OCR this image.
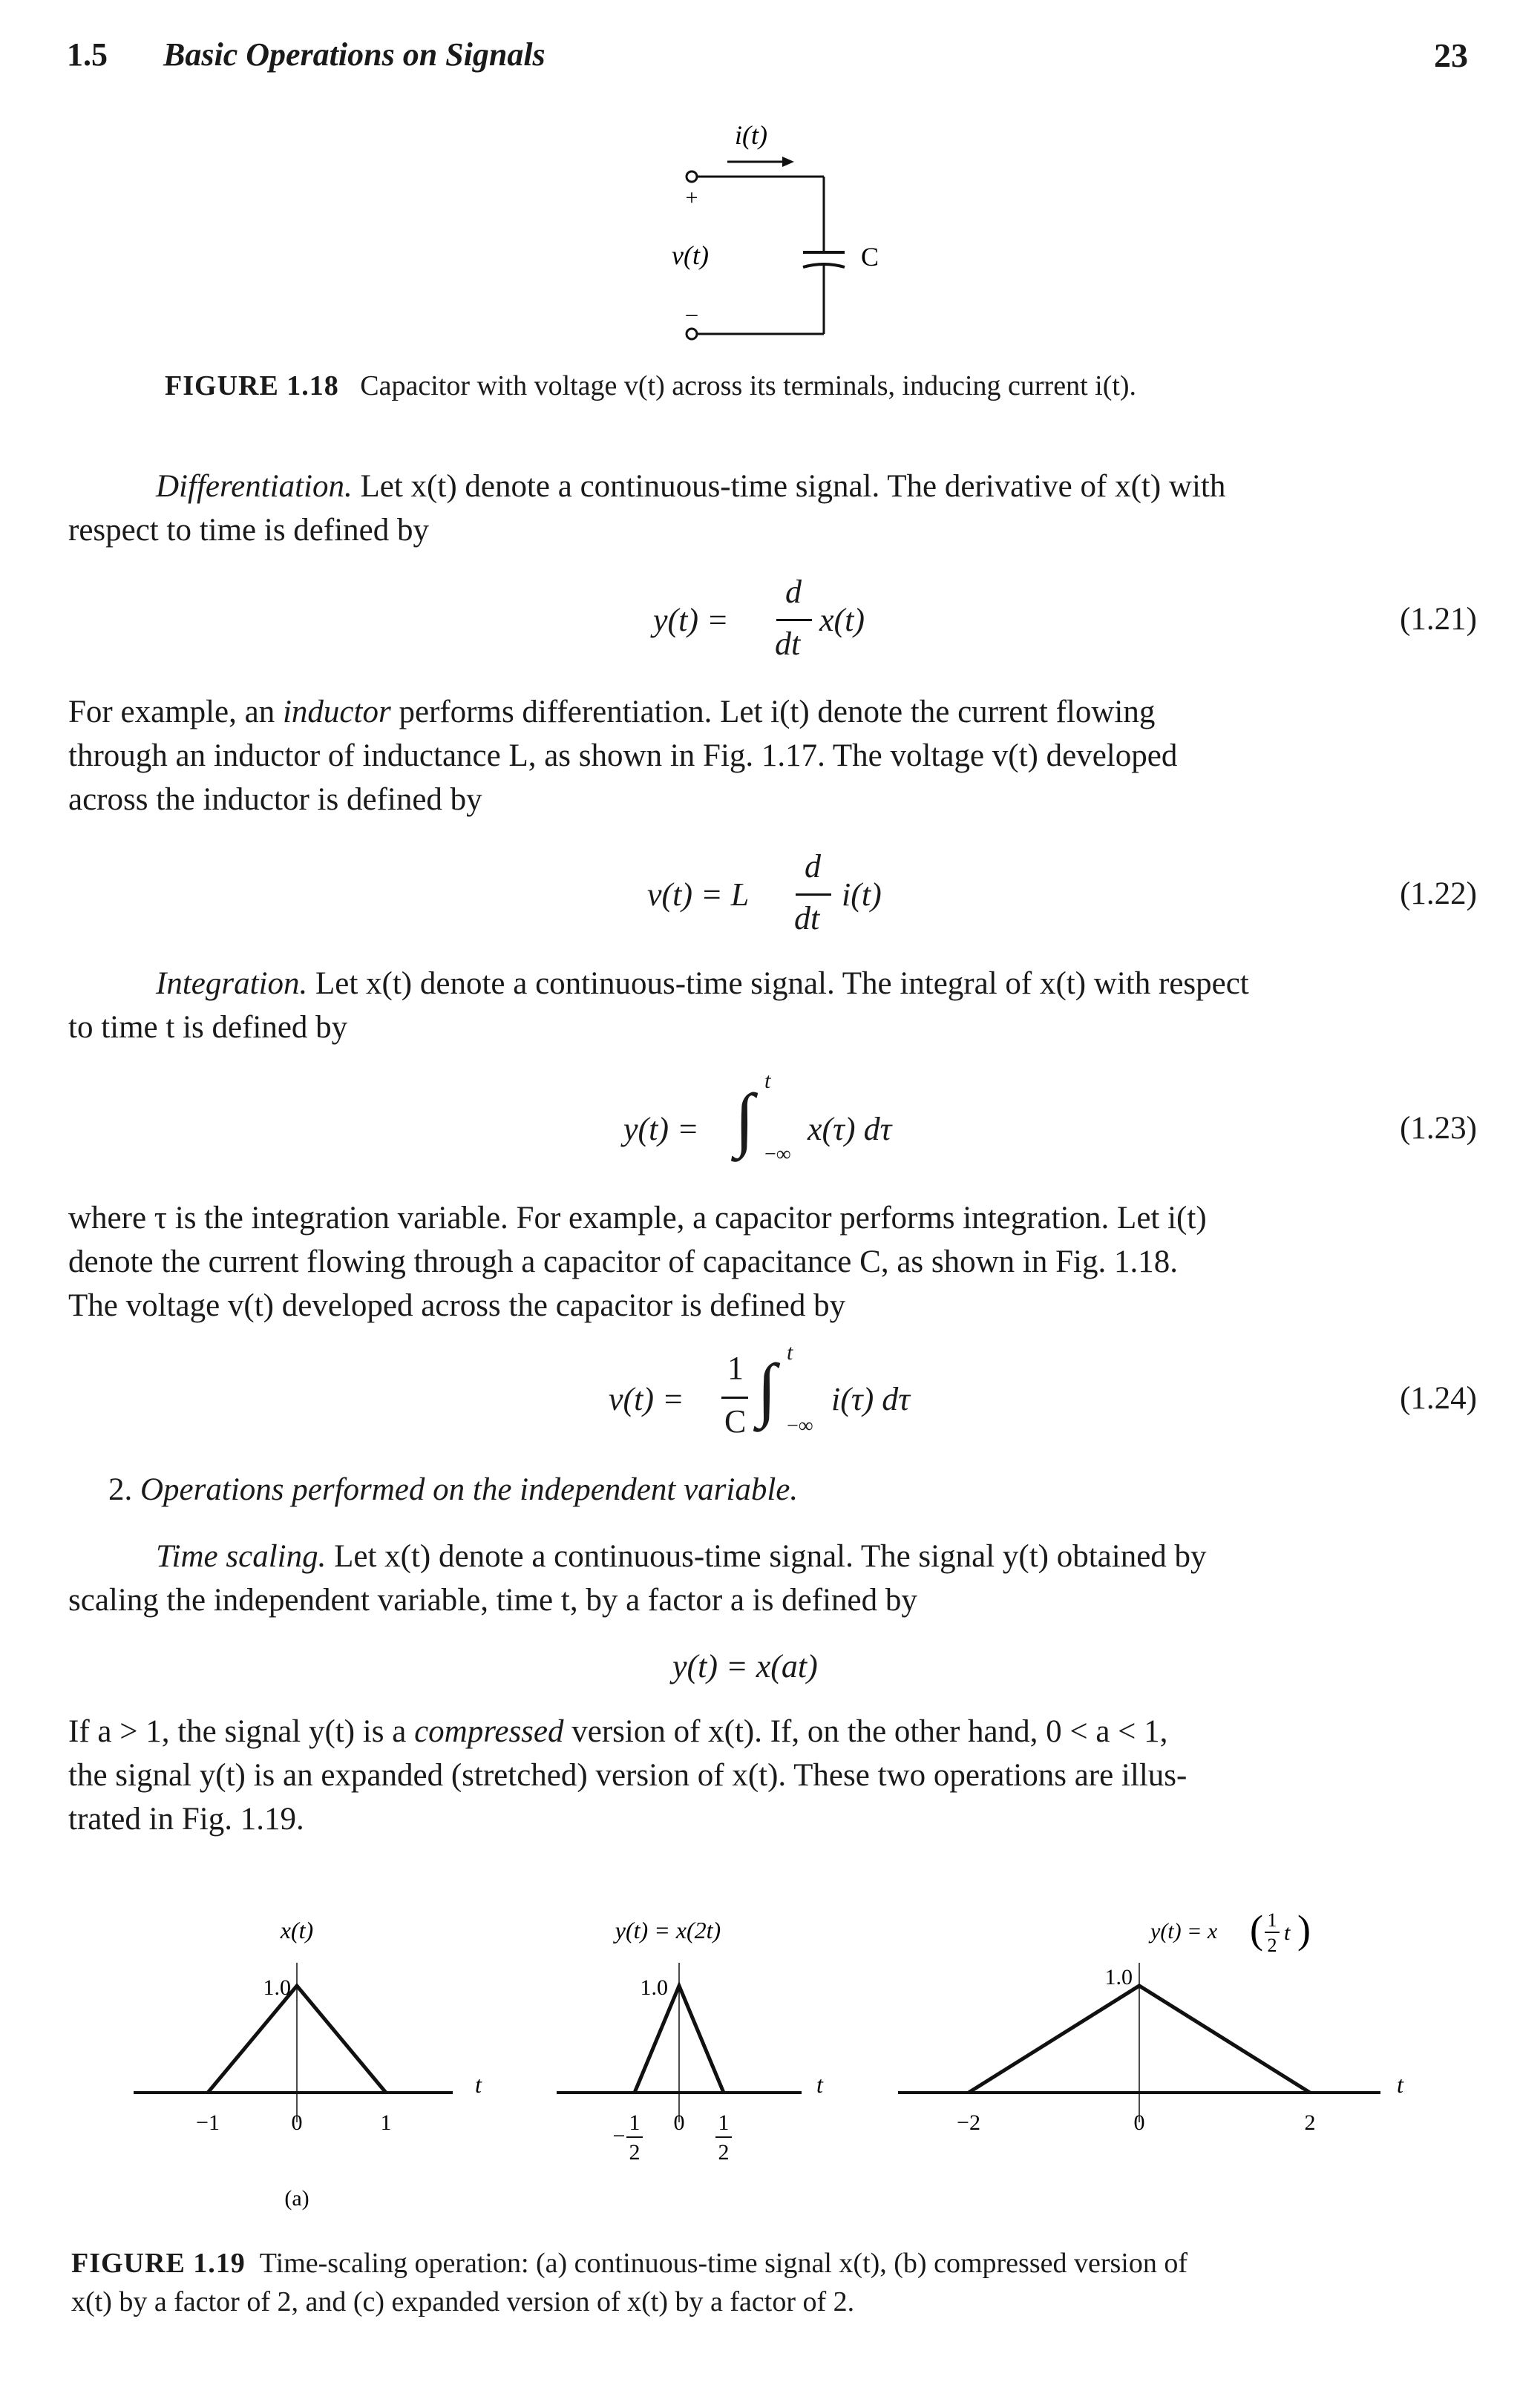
1.5 Basic Operations on Signals	23
i(t)
+
–
v(t)	C
FIGURE 1.18 Capacitor with voltage v(t) across its terminals, inducing current i(t).
Differentiation. Let x(t) denote a continuous-time signal. The derivative of x(t) with
respect to time is defined by
y(t) =
d
dt
x(t)	(1.21)
For example, an inductor performs differentiation. Let i(t) denote the current flowing
through an inductor of inductance L, as shown in Fig. 1.17. The voltage v(t) developed
across the inductor is defined by
v(t) = L
d
dt
i(t)	(1.22)
Integration. Let x(t) denote a continuous-time signal. The integral of x(t) with respect
to time t is defined by
y(t) = ∫ t
−∞
x(τ) dτ	(1.23)
where τ is the integration variable. For example, a capacitor performs integration. Let i(t)
denote the current flowing through a capacitor of capacitance C, as shown in Fig. 1.18.
The voltage v(t) developed across the capacitor is defined by
v(t) =
1
C ∫ t
−∞
i(τ) dτ	(1.24)
2. Operations performed on the independent variable.
Time scaling. Let x(t) denote a continuous-time signal. The signal y(t) obtained by
scaling the independent variable, time t, by a factor a is defined by
y(t) = x(at)
If a > 1, the signal y(t) is a compressed version of x(t). If, on the other hand, 0 < a < 1,
the signal y(t) is an expanded (stretched) version of x(t). These two operations are illus-
trated in Fig. 1.19.
x(t)
1.0
t
−1	0	1
(a)
y(t) = x(2t)
1.0
t
−
1
2
0 1
2
y(t) = x ( 1
2
t )
1.0
t
−2	0	2
FIGURE 1.19 Time-scaling operation: (a) continuous-time signal x(t), (b) compressed version of
x(t) by a factor of 2, and (c) expanded version of x(t) by a factor of 2.
